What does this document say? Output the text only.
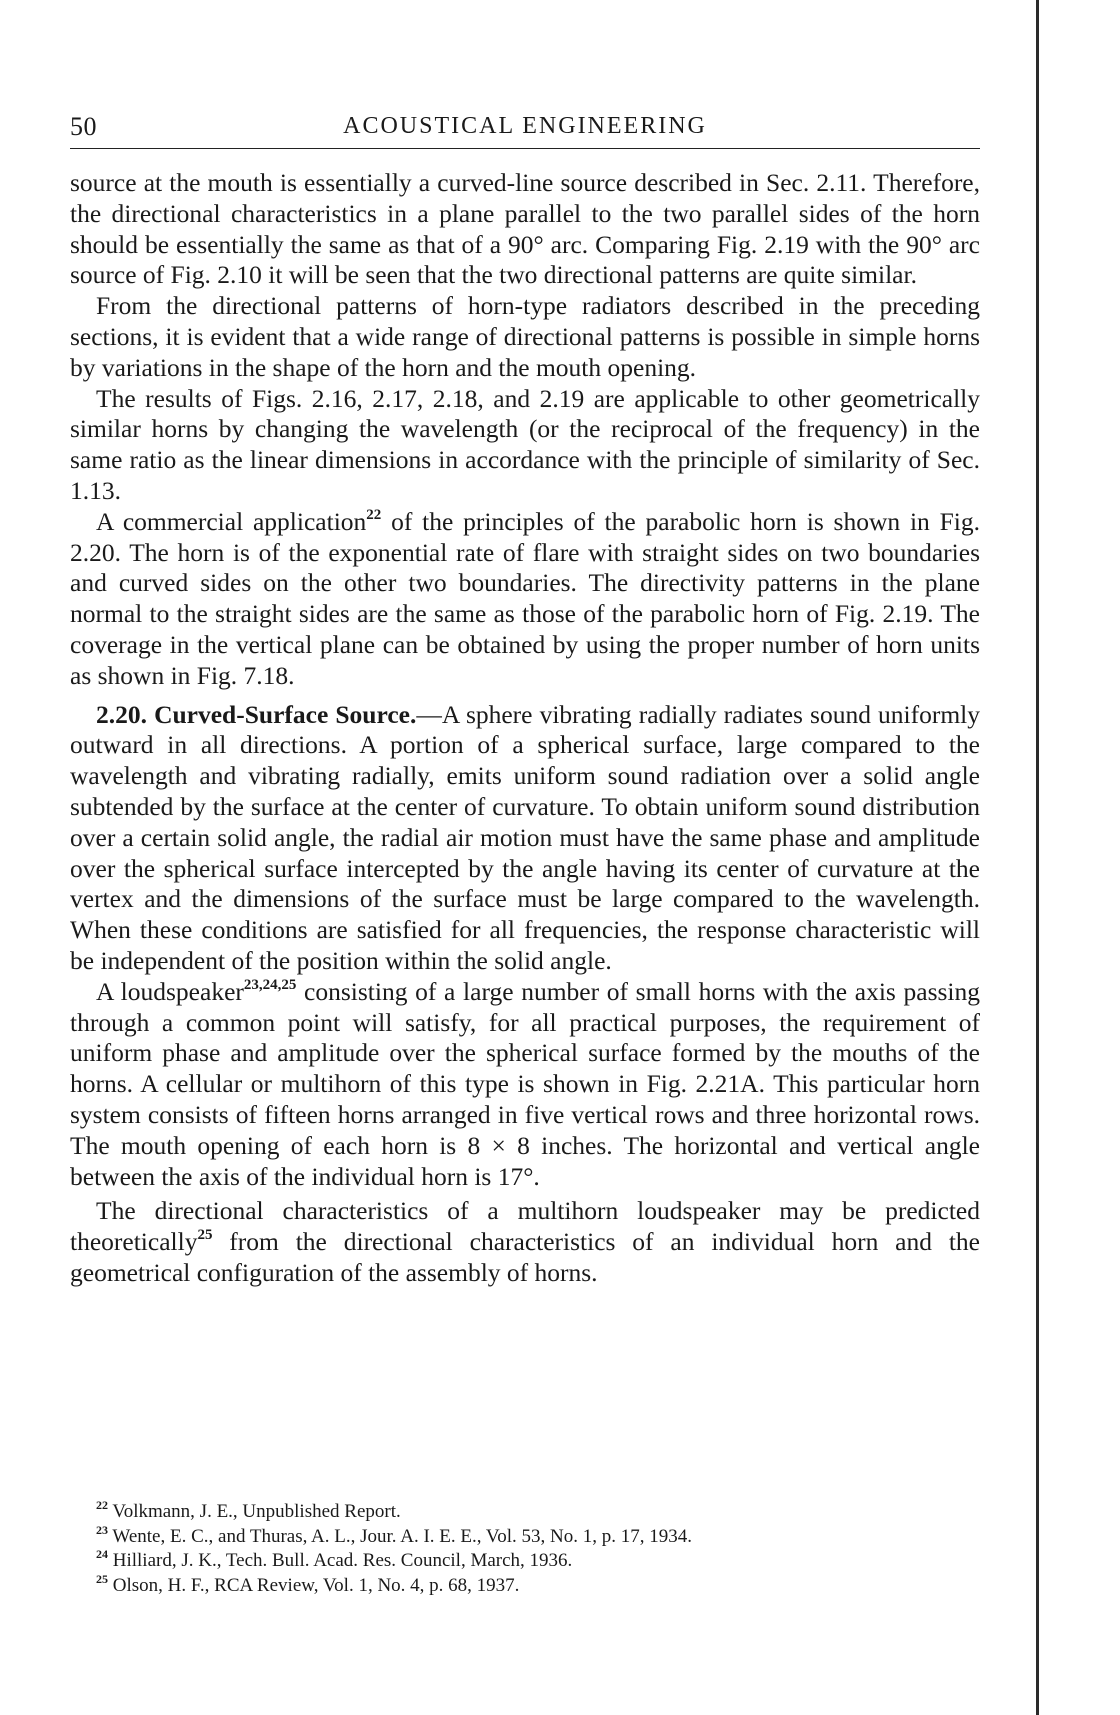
50	ACOUSTICAL ENGINEERING

source at the mouth is essentially a curved-line source described in Sec. 2.11. Therefore, the directional characteristics in a plane parallel to the two parallel sides of the horn should be essentially the same as that of a 90° arc. Comparing Fig. 2.19 with the 90° arc source of Fig. 2.10 it will be seen that the two directional patterns are quite similar.

From the directional patterns of horn-type radiators described in the preceding sections, it is evident that a wide range of directional patterns is possible in simple horns by variations in the shape of the horn and the mouth opening.

The results of Figs. 2.16, 2.17, 2.18, and 2.19 are applicable to other geometrically similar horns by changing the wavelength (or the reciprocal of the frequency) in the same ratio as the linear dimensions in accordance with the principle of similarity of Sec. 1.13.

A commercial application$^{22}$ of the principles of the parabolic horn is shown in Fig. 2.20. The horn is of the exponential rate of flare with straight sides on two boundaries and curved sides on the other two boundaries. The directivity patterns in the plane normal to the straight sides are the same as those of the parabolic horn of Fig. 2.19. The coverage in the vertical plane can be obtained by using the proper number of horn units as shown in Fig. 7.18.

2.20. Curved-Surface Source.—A sphere vibrating radially radiates sound uniformly outward in all directions. A portion of a spherical surface, large compared to the wavelength and vibrating radially, emits uniform sound radiation over a solid angle subtended by the surface at the center of curvature. To obtain uniform sound distribution over a certain solid angle, the radial air motion must have the same phase and amplitude over the spherical surface intercepted by the angle having its center of curvature at the vertex and the dimensions of the surface must be large compared to the wavelength. When these conditions are satisfied for all frequencies, the response characteristic will be independent of the position within the solid angle.

A loudspeaker$^{23,24,25}$ consisting of a large number of small horns with the axis passing through a common point will satisfy, for all practical purposes, the requirement of uniform phase and amplitude over the spherical surface formed by the mouths of the horns. A cellular or multihorn of this type is shown in Fig. 2.21A. This particular horn system consists of fifteen horns arranged in five vertical rows and three horizontal rows. The mouth opening of each horn is 8 × 8 inches. The horizontal and vertical angle between the axis of the individual horn is 17°.

The directional characteristics of a multihorn loudspeaker may be predicted theoretically$^{25}$ from the directional characteristics of an individual horn and the geometrical configuration of the assembly of horns.

$^{22}$ Volkmann, J. E., Unpublished Report.
$^{23}$ Wente, E. C., and Thuras, A. L., Jour. A. I. E. E., Vol. 53, No. 1, p. 17, 1934.
$^{24}$ Hilliard, J. K., Tech. Bull. Acad. Res. Council, March, 1936.
$^{25}$ Olson, H. F., RCA Review, Vol. 1, No. 4, p. 68, 1937.
